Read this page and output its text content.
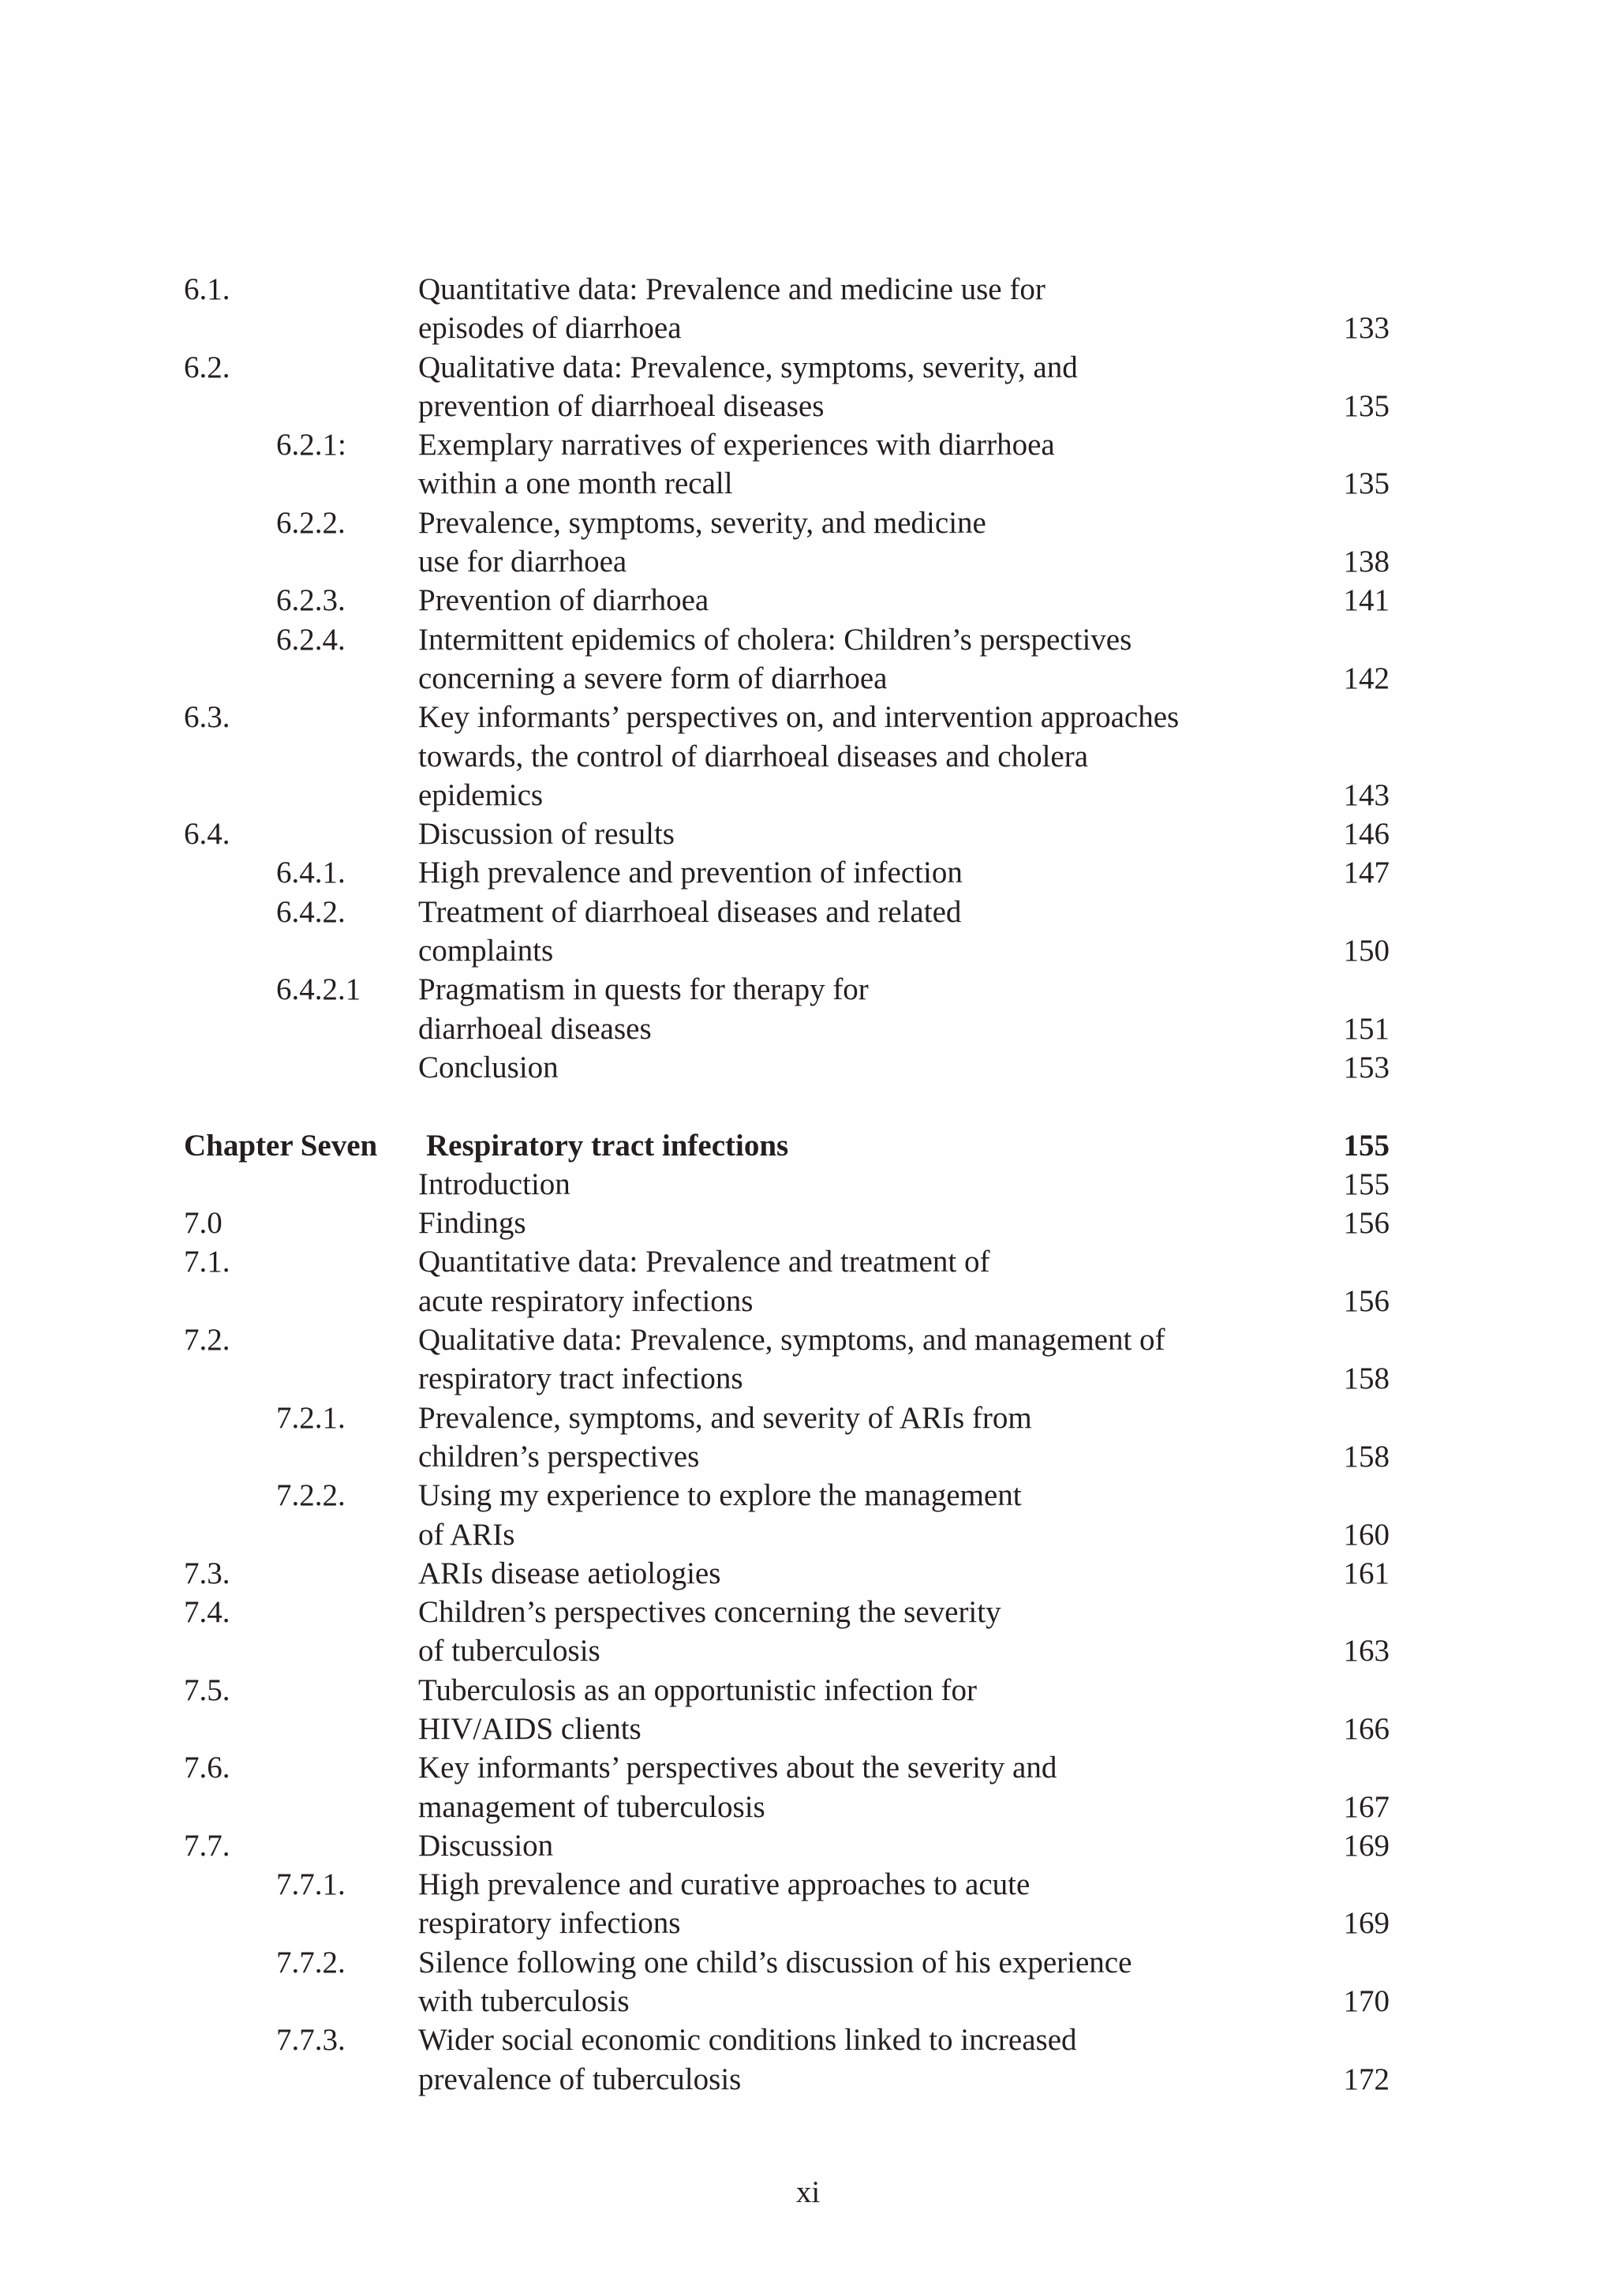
6.1.	Quantitative data: Prevalence and medicine use for
episodes of diarrhoea	133
6.2.	Qualitative data: Prevalence, symptoms, severity, and
prevention of diarrhoeal diseases	135
6.2.1: Exemplary narratives of experiences with diarrhoea
within a one month recall	135
6.2.2. Prevalence, symptoms, severity, and medicine
use for diarrhoea	138
6.2.3. Prevention of diarrhoea	141
6.2.4. Intermittent epidemics of cholera: Children’s perspectives
concerning a severe form of diarrhoea	142
6.3.	Key informants’ perspectives on, and intervention approaches
towards, the control of diarrhoeal diseases and cholera
epidemics	143
6.4.	Discussion of results	146
6.4.1. High prevalence and prevention of infection	147
6.4.2. Treatment of diarrhoeal diseases and related
complaints	150
6.4.2.1 Pragmatism in quests for therapy for
diarrhoeal diseases	151
Conclusion	153
Chapter Seven Respiratory tract infections	155
Introduction	155
7.0	Findings	156
7.1.	Quantitative data: Prevalence and treatment of
acute respiratory infections	156
7.2.	Qualitative data: Prevalence, symptoms, and management of
respiratory tract infections	158
7.2.1. Prevalence, symptoms, and severity of ARIs from
children’s perspectives	158
7.2.2. Using my experience to explore the management
of ARIs	160
7.3.	ARIs disease aetiologies	161
7.4.	Children’s perspectives concerning the severity
of tuberculosis	163
7.5.	Tuberculosis as an opportunistic infection for
HIV/AIDS clients	166
7.6.	Key informants’ perspectives about the severity and
management of tuberculosis	167
7.7.	Discussion	169
7.7.1. High prevalence and curative approaches to acute
respiratory infections	169
7.7.2. Silence following one child’s discussion of his experience
with tuberculosis	170
7.7.3. Wider social economic conditions linked to increased
prevalence of tuberculosis	172
xi
